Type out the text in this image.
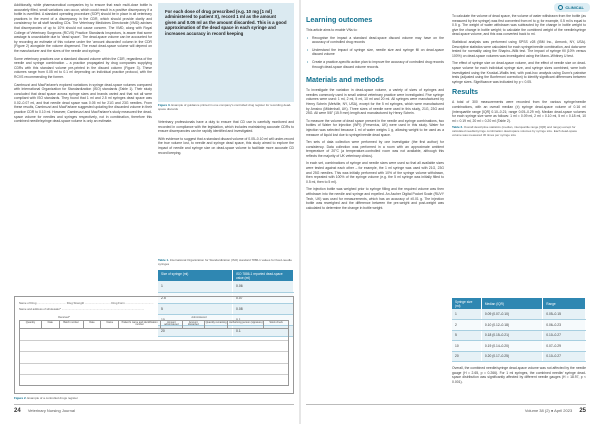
Additionally, while pharmaceutical companies try to ensure that each multi-dose bottle is accurately filled, small variations can occur, which could result in a positive discrepancy if a bottle is overfilled. A standard operating procedure (SOP) should be in place in all veterinary practices in the event of a discrepancy in the CDR, which should provide clarity and consistency for all staff handling CDs. The Veterinary Medicines Directorate (VMD) advises that discrepancies of up to 10% should not cause concern. The VMD, along with Royal College of Veterinary Surgeons (RCVS) Practice Standards Inspectors, is aware that some wastage is unavoidable due to 'dead space'. The dead-space volume can be accounted for by recording an estimate of this volume under the 'amount discarded' column in the CDR (Figure 2) alongside the volume dispensed. The exact dead-space volume will depend on the manufacturer and the sizes of the needle and syringe.

Some veterinary practices use a standard discard volume within the CDR, regardless of the needle and syringe combination – a practice propagated by drug companies supplying CDRs with this standard volume pre-printed in the discard column (Figure 3). These volumes range from 0.05 ml to 0.1 ml depending on individual practice protocol, with the RCVS recommending the former.

Cambruzzi and MacFarlane's explored variations in syringe dead-space volumes compared with International Organization for Standardization (ISO) standards (Table 1). Their study concluded that dead space across syringe sizes and brands varied and that not all were compliant with ISO standards. They found that 1 ml and 2.5 ml syringes dead space was 0.02–0.07 ml, and that needle dead space was 0.05 ml for 21G and 23G needles. From these results, Cambruzzi and MacFarlane suggested updating the discarded volume in their practice CDR to 0.10 ml. However, Cambruzzi and MacFarlane's study measured the dead-space volume for needles and syringes respectively, not in combination, therefore this combined needle/syringe dead-space volume is only an estimate.

For each dose of drug prescribed (e.g. 10 mg [1 ml] administered to patient X), record 1 ml as the amount given and 0.05 ml as the amount discarded. This is a good approximation of the dead space in each syringe and increases accuracy in record keeping
Figure 3. Example of guidance printed in one company's controlled drug register for recording dead-space discards

Veterinary professionals have a duty to ensure that CD use is carefully monitored and recorded in compliance with the legislation, which includes maintaining accurate CDRs to ensure discrepancies can be rapidly identified and investigated.

With evidence to suggest that a standard discard volume of 0.05–0.10 ml will under-record the true volume lost, to needle and syringe dead space, this study aimed to explore the impact of needle and syringe size on dead-space volume to facilitate more accurate CD record keeping.

Table 1. International Organization for Standardization (ISO) standard 7886-1 values for fixed-needle syringes
Size of syringe (ml)	ISO 7886-1 reported dead-space value (ml)
1	0.06
2.5	0.07
5	0.08
10	0.1
20	0.1
Name of Drug ..................................... Drug Strength ................................. Drug Form ....................................
Name and address of wholesaler* ..........................................................................................................
Received*	Administered
Quantity	Date	Batch number	Date	Name	Patient's name and identification number
Amount administered
Amount discarded
Quantity remaining	Authorising person (signature)	Stock check
Figure 2. Example of a controlled drugs register
24 Veterinary Nursing Journal
CLINICAL
Learning outcomes

This article aims to enable VNs to:

• Recognise the impact a standard dead-space discard volume may have on the accuracy of controlled drug records
• Understand the impact of syringe size, needle size and syringe fill on dead-space discard volume
• Create a practice-specific action plan to improve the accuracy of controlled drug records through dead-space discard volume records.
Materials and methods

To investigate the variation in dead-space volume, a variety of sizes of syringes and needles commonly used in small animal veterinary practice were investigated. Five syringe volumes were used: 1 ml, 2 ml, 5 ml, 10 ml and 20 ml. All syringes were manufactured by Henry Schein (Melville, NY, USA), except for the 5 ml syringes, which were manufactured by Amsino (Mildenhall, UK). Three sizes of needle were used in this study, 21G, 23G and 25G. All were 5/8" (15.9 mm) length and manufactured by Henry Schein.

To measure the volume of dead space present in the needle and syringe combinations, two bottles of Water for Injection (WFI) (Fresenius, UK) were used in this study. Water for injection was selected because 1 ml of water weighs 1 g, allowing weight to be used as a measure of liquid lost due to syringe/needle dead space.

Ten sets of data collection were performed by one investigator (the first author) for consistency. Data collection was performed in a room with an approximate ambient temperature of 20°C (a temperature-controlled room was not available, although this reflects the majority of UK veterinary clinics).

In each set, combinations of syringe and needle sizes were used so that all available sizes were tested against each other – for example, the 1 ml syringe was used with 21G, 23G and 25G needles. This was initially performed with 10% of the syringe volume withdrawn, then repeated with 100% of the syringe volume (e.g. the 5 ml syringe was initially filled to 0.5 ml, then to 5 ml).

The injection bottle was weighed prior to syringe filling and the required volume was then withdrawn into the needle and syringe and expelled. An Ascher Digital Pocket Scale (RUVY Tech, UK) was used for measurements, which has an accuracy of ±0.01 g. The injection bottle was reweighed and the difference between the pre-weight and post-weight was calculated to determine the change in bottle weight.

To calculate the volume of dead space, the volume of water withdrawn from the bottle (as measured by the syringe) was first converted from ml to g; for example, 0.5 ml is equal to 0.5 g. The weight of water withdrawn was subtracted by the change in bottle weight to give the change in bottle weight; to calculate the combined weight of the needle/syringe dead-space volume, and this was converted back to ml.

Statistical analysis was performed using SPSS v28 (IBM Inc., Armonk, NY, USA). Descriptive statistics were calculated for each syringe/needle combination, and data were tested for normality using the Shapiro–Wilk test. The impact of syringe fill (10% versus 100%) on dead-space volumes was investigated using the Mann–Whitney U test.

The effect of syringe size on dead-space volume, and the effect of needle size on dead-space volume for each individual syringe size, and syringe sizes combined, were both investigated using the Kruskal–Wallis test, with post-hoc analysis using Dunn's pairwise tests (adjusted using the Bonferroni correction) to identify significant differences between syringe sizes. Significance was indicated by p < 0.05.

Results

A total of 300 measurements were recorded from the various syringe/needle combinations, with an overall median (±) syringe dead-space volume of 0.16 ml (interquartile range [IQR] 0.10–0.21; range 0.05–0.29 ml). Median dead-space volumes for each syringe size were as follows: 1 ml = 0.09 ml, 2 ml = 0.10 ml, 5 ml = 0.18 ml, 10 ml = 0.19 ml, 20 ml = 0.20 ml (Table 2).

Table 2. Overall descriptive statistics (median, interquartile range [IQR] and range) except for calculated needle/syringe combination dead-space volumes by syringe size. Each dead-space volume was measured 30 times per syringe size
Syringe size (ml)	Median (IQR)	Range
1	0.09 (0.07–0.10)	0.05–0.15
2	0.10 (0.12–0.18)	0.06–0.23
5	0.18 (0.15–0.21)	0.10–0.27
10	0.19 (0.14–0.20)	0.07–0.29
20	0.20 (0.17–0.25)	0.10–0.27

Overall, the combined needle/syringe dead-space volume was not affected by the needle gauge (H = 2.65, p = 0.266). For 1 ml syringes, the combined needle/ syringe dead-space distribution was significantly affected by different needle gauges (H = 18.97, p < 0.001).

Volume 38 (2) ● April 2023 25
